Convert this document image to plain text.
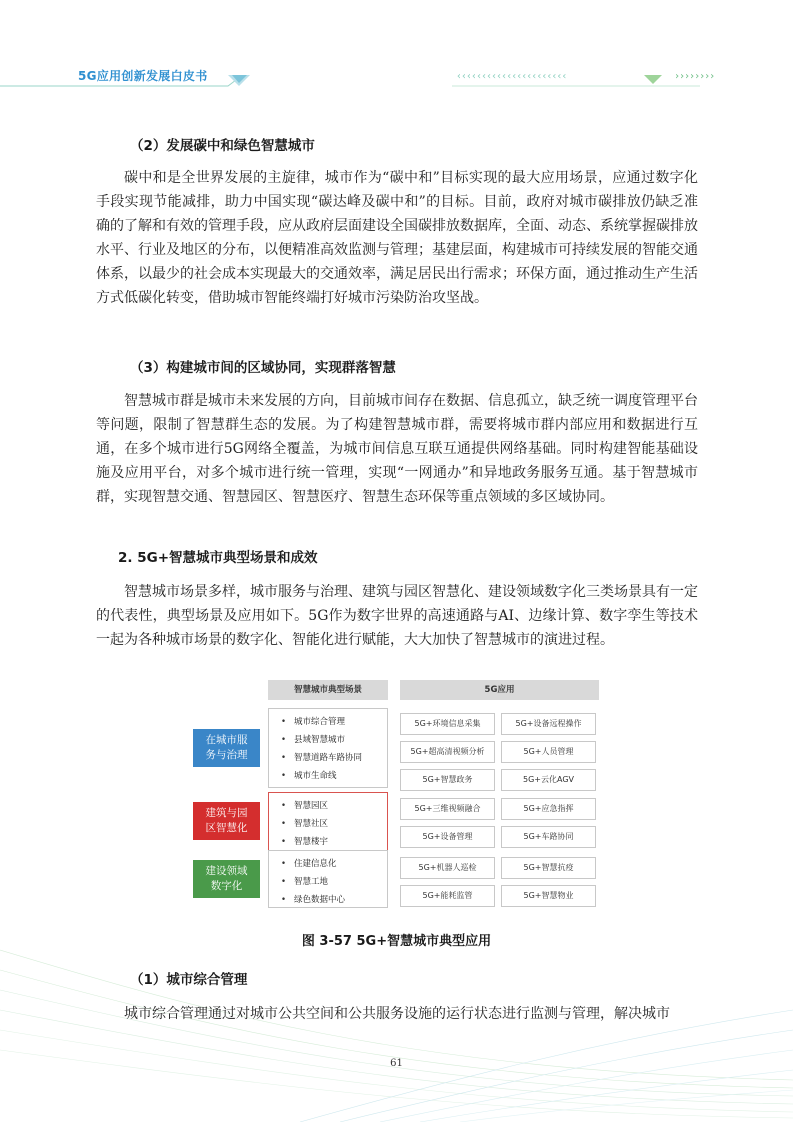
5G应用创新发展白皮书	‹‹‹‹‹‹‹‹‹‹‹‹‹‹‹‹‹‹‹‹‹‹	››››››››
（2）发展碳中和绿色智慧城市

碳中和是全世界发展的主旋律，城市作为“碳中和”目标实现的最大应用场景，应通过数字化手段实现节能减排，助力中国实现“碳达峰及碳中和”的目标。目前，政府对城市碳排放仍缺乏准确的了解和有效的管理手段，应从政府层面建设全国碳排放数据库，全面、动态、系统掌握碳排放水平、行业及地区的分布，以便精准高效监测与管理；基建层面，构建城市可持续发展的智能交通体系，以最少的社会成本实现最大的交通效率，满足居民出行需求；环保方面，通过推动生产生活方式低碳化转变，借助城市智能终端打好城市污染防治攻坚战。

（3）构建城市间的区域协同，实现群落智慧

智慧城市群是城市未来发展的方向，目前城市间存在数据、信息孤立，缺乏统一调度管理平台等问题，限制了智慧群生态的发展。为了构建智慧城市群，需要将城市群内部应用和数据进行互通，在多个城市进行5G网络全覆盖，为城市间信息互联互通提供网络基础。同时构建智能基础设施及应用平台，对多个城市进行统一管理，实现“一网通办”和异地政务服务互通。基于智慧城市群，实现智慧交通、智慧园区、智慧医疗、智慧生态环保等重点领域的多区域协同。

2. 5G+智慧城市典型场景和成效

智慧城市场景多样，城市服务与治理、建筑与园区智慧化、建设领域数字化三类场景具有一定的代表性，典型场景及应用如下。5G作为数字世界的高速通路与AI、边缘计算、数字孪生等技术一起为各种城市场景的数字化、智能化进行赋能，大大加快了智慧城市的演进过程。

智慧城市典型场景	5G应用
在城市服务与治理
• 城市综合管理
• 县域智慧城市
• 智慧道路车路协同
• 城市生命线
5G+环境信息采集	5G+设备远程操作
5G+超高清视频分析	5G+人员管理
5G+智慧政务	5G+云化AGV
建筑与园区智慧化
• 智慧园区
• 智慧社区
• 智慧楼宇
5G+三维视频融合	5G+应急指挥
5G+设备管理	5G+车路协同
建设领域数字化
• 住建信息化
• 智慧工地
• 绿色数据中心
5G+机器人巡检	5G+智慧抗疫
5G+能耗监管	5G+智慧物业
图 3-57 5G+智慧城市典型应用
（1）城市综合管理

城市综合管理通过对城市公共空间和公共服务设施的运行状态进行监测与管理，解决城市

61
